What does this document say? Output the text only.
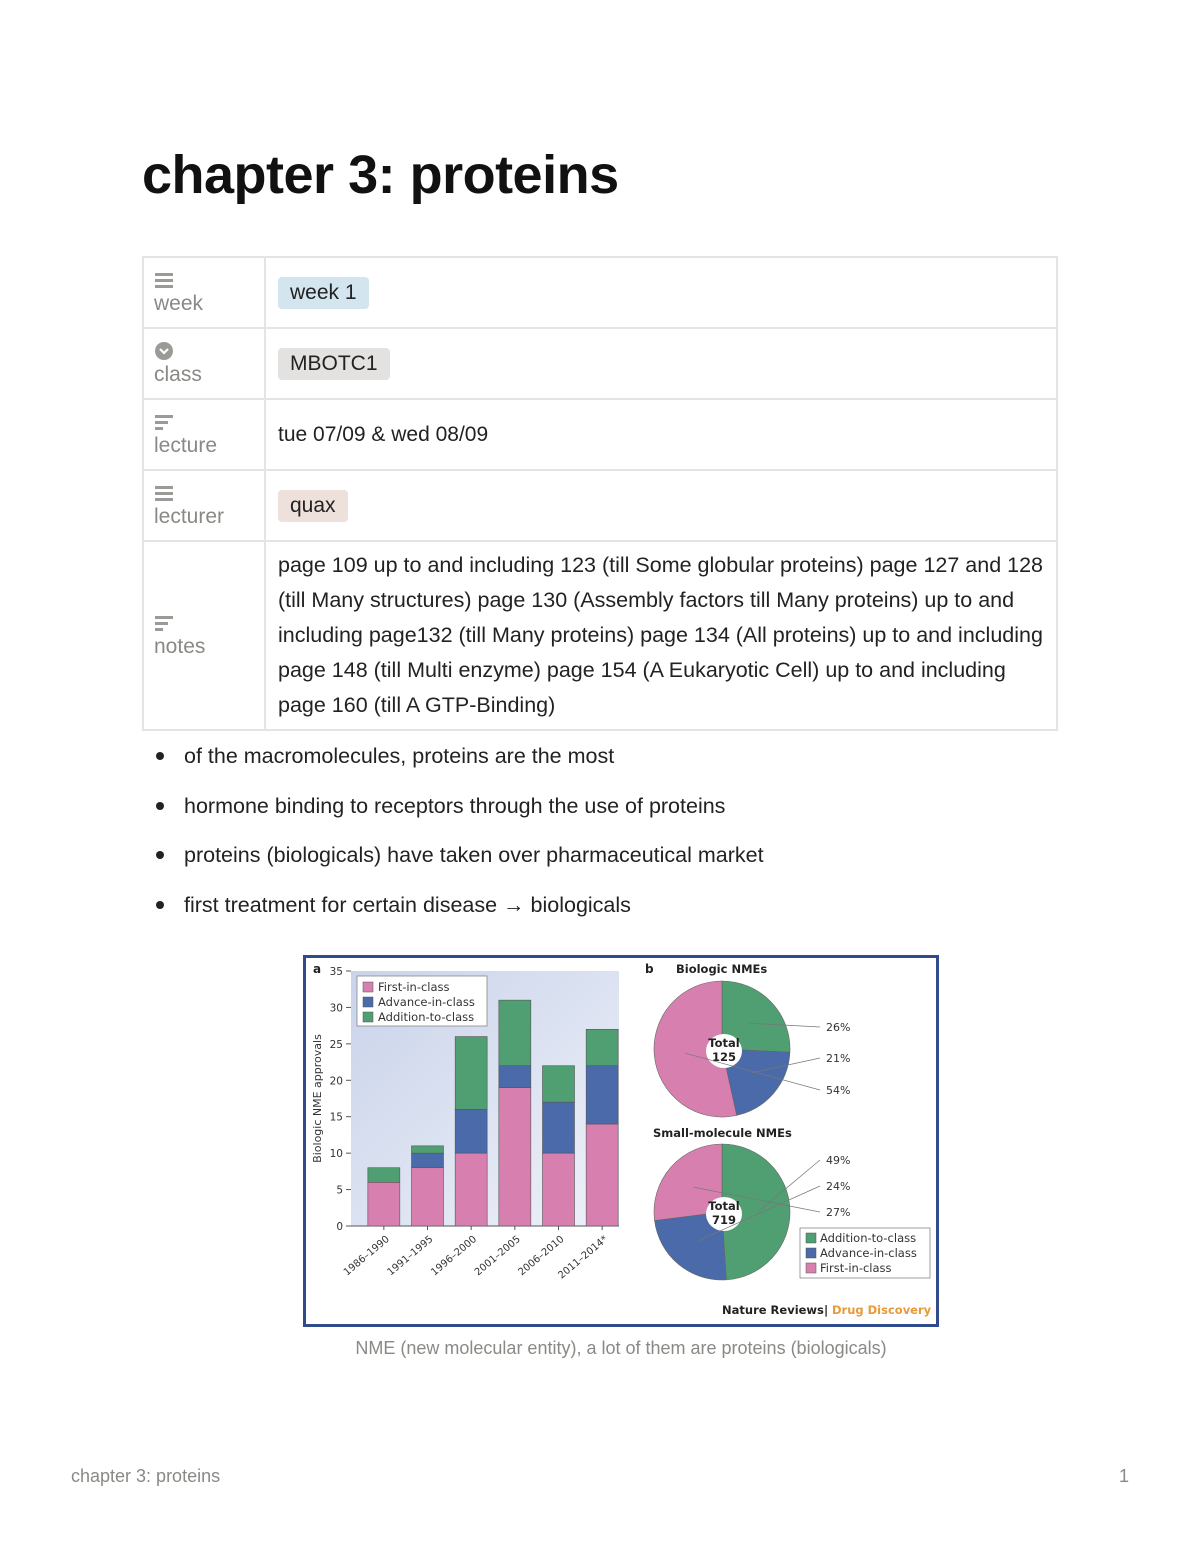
chapter 3: proteins
week	week 1

class	MBOTC1

lecture	tue 07/09 & wed 08/09

lecturer	quax

notes	page 109 up to and including 123 (till Some globular proteins) page 127 and 128 (till Many structures) page 130 (Assembly factors till Many proteins) up to and including page132 (till Many proteins) page 134 (All proteins) up to and including page 148 (till Multi enzyme) page 154 (A Eukaryotic Cell) up to and including page 160 (till A GTP-Binding)
of the macromolecules, proteins are the most
hormone binding to receptors through the use of proteins
proteins (biologicals) have taken over pharmaceutical market
first treatment for certain disease → biologicals
a	b
0
5
10
15
20
25
30
35
1986–1990
1991–1995
1996–2000
2001–2005
2006–2010
2011–2014*
Biologic NME approvals
First-in-class
Advance-in-class
Addition-to-class
Biologic NMEs
Total
125
26%
21%
54%
Small-molecule NMEs
Total
719
49%
24%
27%
Addition-to-class
Advance-in-class
First-in-class
Nature Reviews | Drug Discovery
NME (new molecular entity), a lot of them are proteins (biologicals)
chapter 3: proteins	1
